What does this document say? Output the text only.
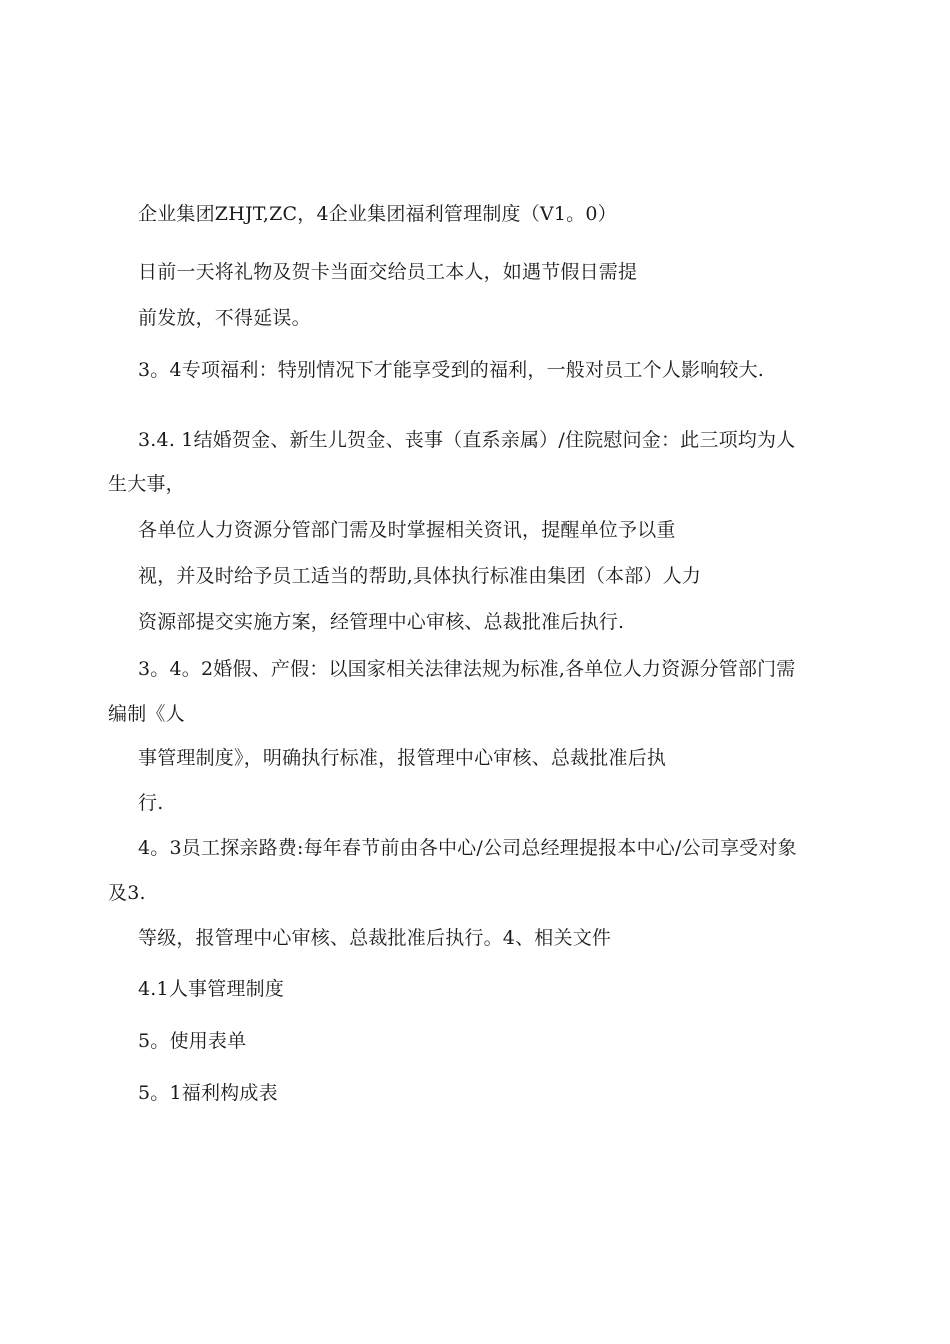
企业集团ZHJT,ZC，4企业集团福利管理制度（V1。0）
日前一天将礼物及贺卡当面交给员工本人，如遇节假日需提
前发放，不得延误。
3。4专项福利：特别情况下才能享受到的福利，一般对员工个人影响较大.
3.4. 1结婚贺金、新生儿贺金、丧事（直系亲属）/住院慰问金：此三项均为人
生大事，
各单位人力资源分管部门需及时掌握相关资讯，提醒单位予以重
视，并及时给予员工适当的帮助,具体执行标准由集团（本部）人力
资源部提交实施方案，经管理中心审核、总裁批准后执行.
3。4。2婚假、产假：以国家相关法律法规为标准,各单位人力资源分管部门需
编制《人
事管理制度》，明确执行标准，报管理中心审核、总裁批准后执
行.
4。3员工探亲路费:每年春节前由各中心/公司总经理提报本中心/公司享受对象
及3.
等级，报管理中心审核、总裁批准后执行。4、相关文件
4.1人事管理制度
5。使用表单
5。1福利构成表
